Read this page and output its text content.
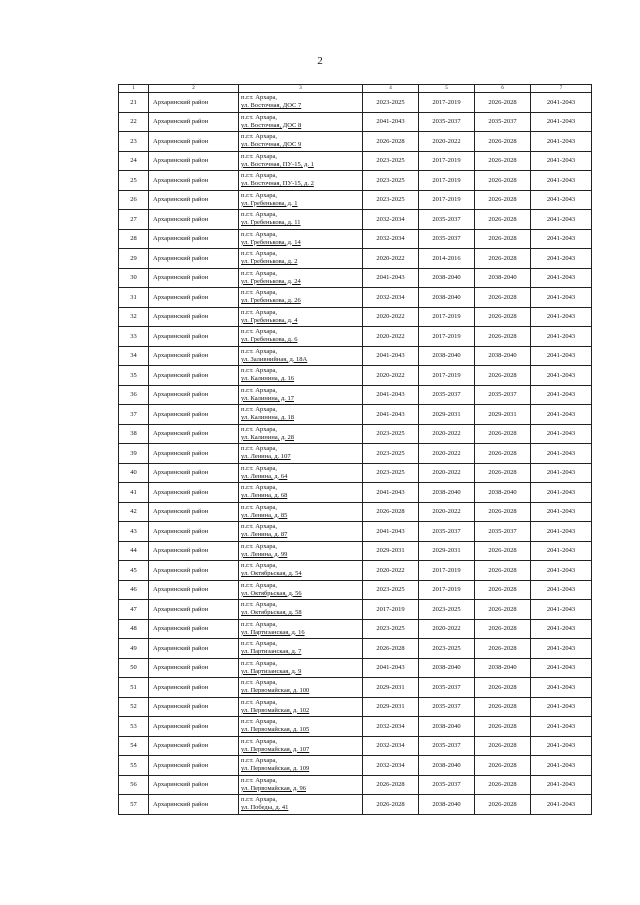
2
1	2	3	4	5	6	7
21	Архаринский район	п.г.т. Архара,
ул. Восточная, ДОС 7	2023-2025	2017-2019	2026-2028	2041-2043
22	Архаринский район	п.г.т. Архара,
ул. Восточная, ДОС 8	2041-2043	2035-2037	2035-2037	2041-2043
23	Архаринский район	п.г.т. Архара,
ул. Восточная, ДОС 9	2026-2028	2020-2022	2026-2028	2041-2043
24	Архаринский район	п.г.т. Архара,
ул. Восточная, ПУ-15, д. 1	2023-2025	2017-2019	2026-2028	2041-2043
25	Архаринский район	п.г.т. Архара,
ул. Восточная, ПУ-15, д. 2	2023-2025	2017-2019	2026-2028	2041-2043
26	Архаринский район	п.г.т. Архара,
ул. Гребенькова, д. 1	2023-2025	2017-2019	2026-2028	2041-2043
27	Архаринский район	п.г.т. Архара,
ул. Гребенькова, д. 11	2032-2034	2035-2037	2026-2028	2041-2043
28	Архаринский район	п.г.т. Архара,
ул. Гребенькова, д. 14	2032-2034	2035-2037	2026-2028	2041-2043
29	Архаринский район	п.г.т. Архара,
ул. Гребенькова, д. 2	2020-2022	2014-2016	2026-2028	2041-2043
30	Архаринский район	п.г.т. Архара,
ул. Гребенькова, д. 24	2041-2043	2038-2040	2038-2040	2041-2043
31	Архаринский район	п.г.т. Архара,
ул. Гребенькова, д. 26	2032-2034	2038-2040	2026-2028	2041-2043
32	Архаринский район	п.г.т. Архара,
ул. Гребенькова, д. 4	2020-2022	2017-2019	2026-2028	2041-2043
33	Архаринский район	п.г.т. Архара,
ул. Гребенькова, д. 6	2020-2022	2017-2019	2026-2028	2041-2043
34	Архаринский район	п.г.т. Архара,
ул. Заливнийная, д. 18А	2041-2043	2038-2040	2038-2040	2041-2043
35	Архаринский район	п.г.т. Архара,
ул. Калинина, д. 16	2020-2022	2017-2019	2026-2028	2041-2043
36	Архаринский район	п.г.т. Архара,
ул. Калинина, д. 17	2041-2043	2035-2037	2035-2037	2041-2043
37	Архаринский район	п.г.т. Архара,
ул. Калинина, д. 18	2041-2043	2029-2031	2029-2031	2041-2043
38	Архаринский район	п.г.т. Архара,
ул. Калинина, д. 28	2023-2025	2020-2022	2026-2028	2041-2043
39	Архаринский район	п.г.т. Архара,
ул. Ленина, д. 107	2023-2025	2020-2022	2026-2028	2041-2043
40	Архаринский район	п.г.т. Архара,
ул. Ленина, д. 64	2023-2025	2020-2022	2026-2028	2041-2043
41	Архаринский район	п.г.т. Архара,
ул. Ленина, д. 68	2041-2043	2038-2040	2038-2040	2041-2043
42	Архаринский район	п.г.т. Архара,
ул. Ленина, д. 85	2026-2028	2020-2022	2026-2028	2041-2043
43	Архаринский район	п.г.т. Архара,
ул. Ленина, д. 87	2041-2043	2035-2037	2035-2037	2041-2043
44	Архаринский район	п.г.т. Архара,
ул. Ленина, д. 99	2029-2031	2029-2031	2026-2028	2041-2043
45	Архаринский район	п.г.т. Архара,
ул. Октябрьская, д. 54	2020-2022	2017-2019	2026-2028	2041-2043
46	Архаринский район	п.г.т. Архара,
ул. Октябрьская, д. 56	2023-2025	2017-2019	2026-2028	2041-2043
47	Архаринский район	п.г.т. Архара,
ул. Октябрьская, д. 58	2017-2019	2023-2025	2026-2028	2041-2043
48	Архаринский район	п.г.т. Архара,
ул. Партизанская, д. 16	2023-2025	2020-2022	2026-2028	2041-2043
49	Архаринский район	п.г.т. Архара,
ул. Партизанская, д. 7	2026-2028	2023-2025	2026-2028	2041-2043
50	Архаринский район	п.г.т. Архара,
ул. Партизанская, д. 9	2041-2043	2038-2040	2038-2040	2041-2043
51	Архаринский район	п.г.т. Архара,
ул. Первомайская, д. 100	2029-2031	2035-2037	2026-2028	2041-2043
52	Архаринский район	п.г.т. Архара,
ул. Первомайская, д. 102	2029-2031	2035-2037	2026-2028	2041-2043
53	Архаринский район	п.г.т. Архара,
ул. Первомайская, д. 105	2032-2034	2038-2040	2026-2028	2041-2043
54	Архаринский район	п.г.т. Архара,
ул. Первомайская, д. 107	2032-2034	2035-2037	2026-2028	2041-2043
55	Архаринский район	п.г.т. Архара,
ул. Первомайская, д. 109	2032-2034	2038-2040	2026-2028	2041-2043
56	Архаринский район	п.г.т. Архара,
ул. Первомайская, д. 96	2026-2028	2035-2037	2026-2028	2041-2043
57	Архаринский район	п.г.т. Архара,
ул. Победы, д. 41	2026-2028	2038-2040	2026-2028	2041-2043
